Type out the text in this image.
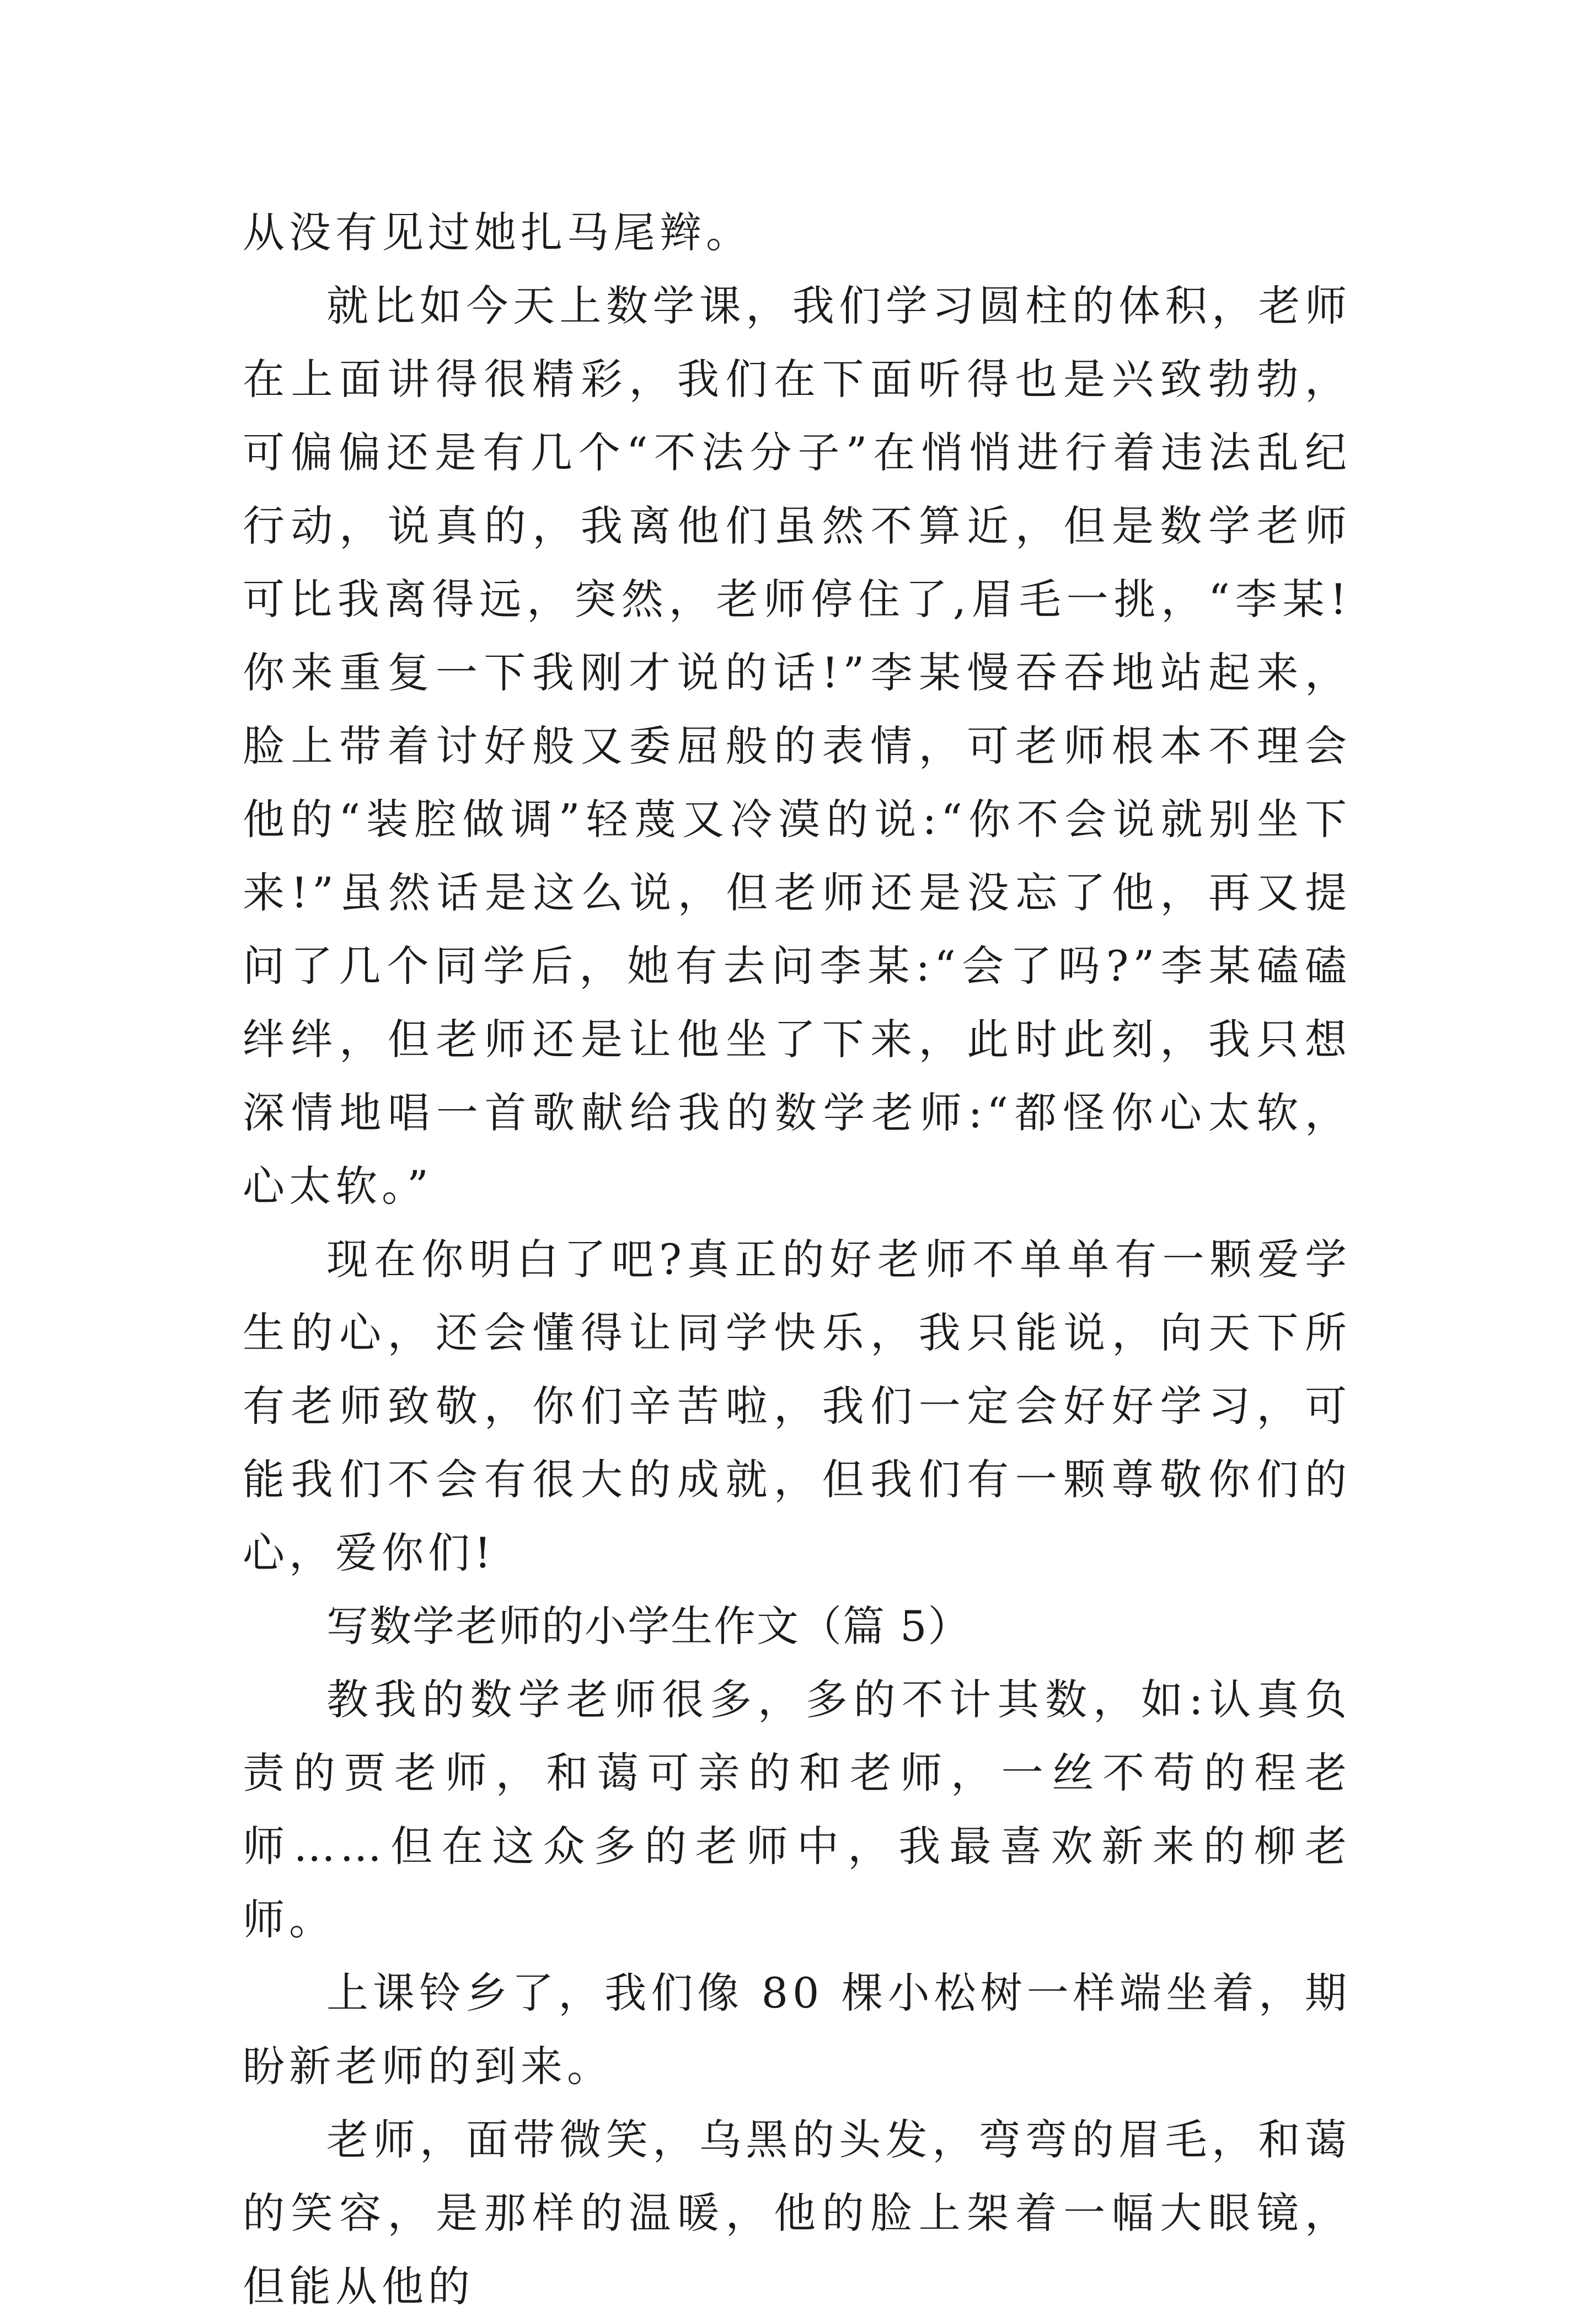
从没有见过她扎马尾辫。

就比如今天上数学课，我们学习圆柱的体积，老师在上面讲得很精彩，我们在下面听得也是兴致勃勃，可偏偏还是有几个“不法分子”在悄悄进行着违法乱纪行动，说真的，我离他们虽然不算近，但是数学老师可比我离得远，突然，老师停住了,眉毛一挑，“李某!你来重复一下我刚才说的话!”李某慢吞吞地站起来，脸上带着讨好般又委屈般的表情，可老师根本不理会他的“装腔做调”轻蔑又冷漠的说:“你不会说就别坐下来!”虽然话是这么说，但老师还是没忘了他，再又提问了几个同学后，她有去问李某:“会了吗?”李某磕磕绊绊，但老师还是让他坐了下来，此时此刻，我只想深情地唱一首歌献给我的数学老师:“都怪你心太软，心太软。”

现在你明白了吧?真正的好老师不单单有一颗爱学生的心，还会懂得让同学快乐，我只能说，向天下所有老师致敬，你们辛苦啦，我们一定会好好学习，可能我们不会有很大的成就，但我们有一颗尊敬你们的心，爱你们!

写数学老师的小学生作文（篇 5）

教我的数学老师很多，多的不计其数，如:认真负责的贾老师，和蔼可亲的和老师，一丝不苟的程老师……但在这众多的老师中，我最喜欢新来的柳老师。

上课铃乡了，我们像 80 棵小松树一样端坐着，期盼新老师的到来。

老师，面带微笑，乌黑的头发，弯弯的眉毛，和蔼的笑容，是那样的温暖，他的脸上架着一幅大眼镜，但能从他的
